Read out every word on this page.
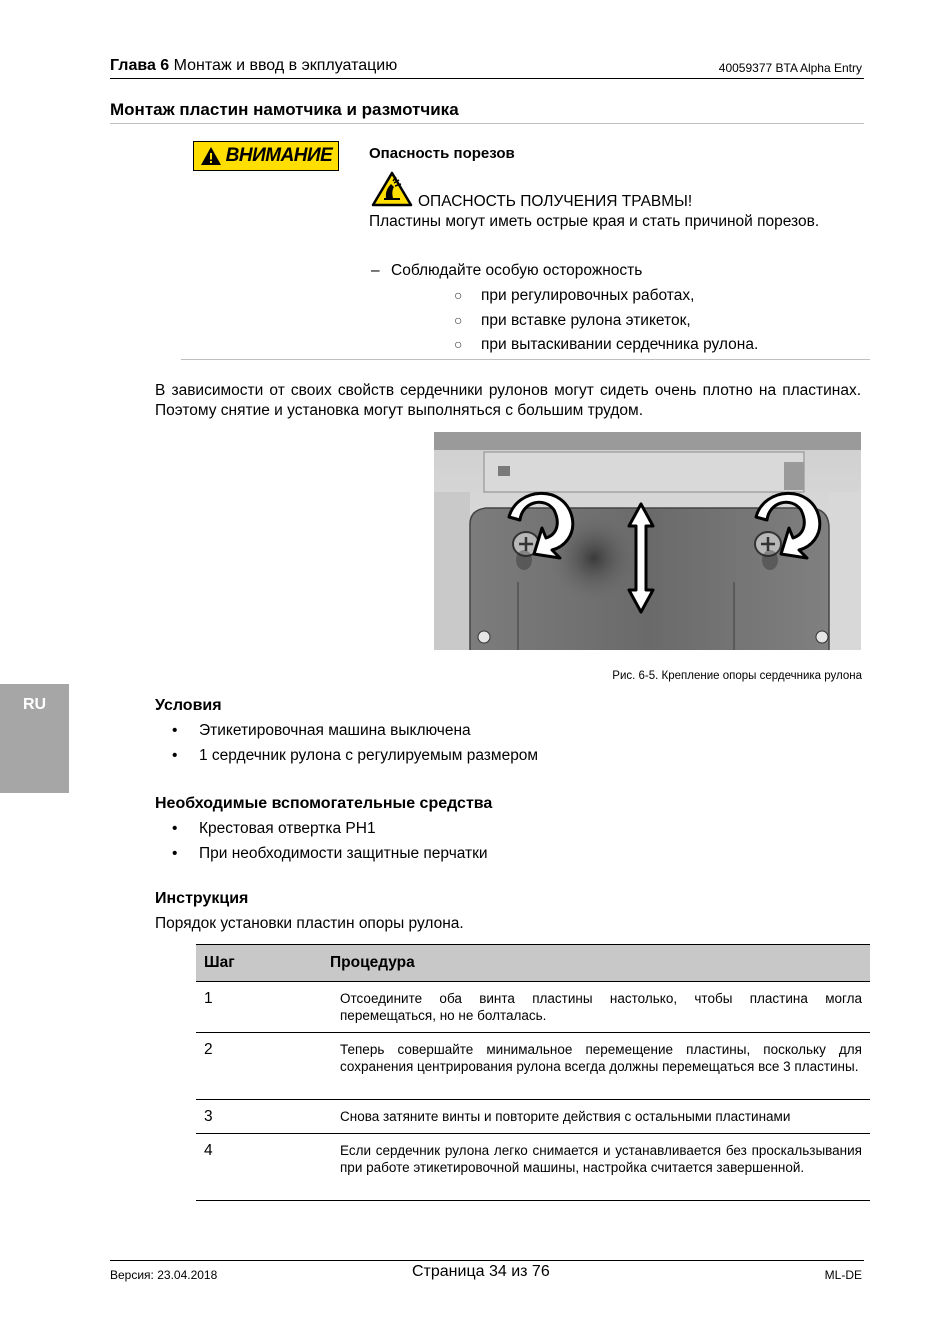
Глава 6 Монтаж и ввод в экплуатацию	40059377 BTA Alpha Entry
Монтаж пластин намотчика и размотчика
ВНИМАНИЕ Опасность порезов
ОПАСНОСТЬ ПОЛУЧЕНИЯ ТРАВМЫ!
Пластины могут иметь острые края и стать причиной порезов.
– Соблюдайте особую осторожность
○ при регулировочных работах,
○ при вставке рулона этикеток,
○ при вытаскивании сердечника рулона.
В зависимости от своих свойств сердечники рулонов могут сидеть очень плотно на пластинах. Поэтому снятие и установка могут выполняться с большим трудом.
Рис. 6-5. Крепление опоры сердечника рулона
RU	Условия
• Этикетировочная машина выключена
• 1 сердечник рулона с регулируемым размером
Необходимые вспомогательные средства
• Крестовая отвертка PH1
• При необходимости защитные перчатки
Инструкция
Порядок установки пластин опоры рулона.
Шаг	Процедура
1	Отсоедините оба винта пластины настолько, чтобы пластина могла перемещаться, но не болталась.
2	Теперь совершайте минимальное перемещение пластины, поскольку для сохранения центрирования рулона всегда должны перемещаться все 3 пластины.
3	Снова затяните винты и повторите действия с остальными пластинами
4	Если сердечник рулона легко снимается и устанавливается без проскальзывания при работе этикетировочной машины, настройка считается завершенной.
Версия: 23.04.2018	Страница 34 из 76	ML-DE
